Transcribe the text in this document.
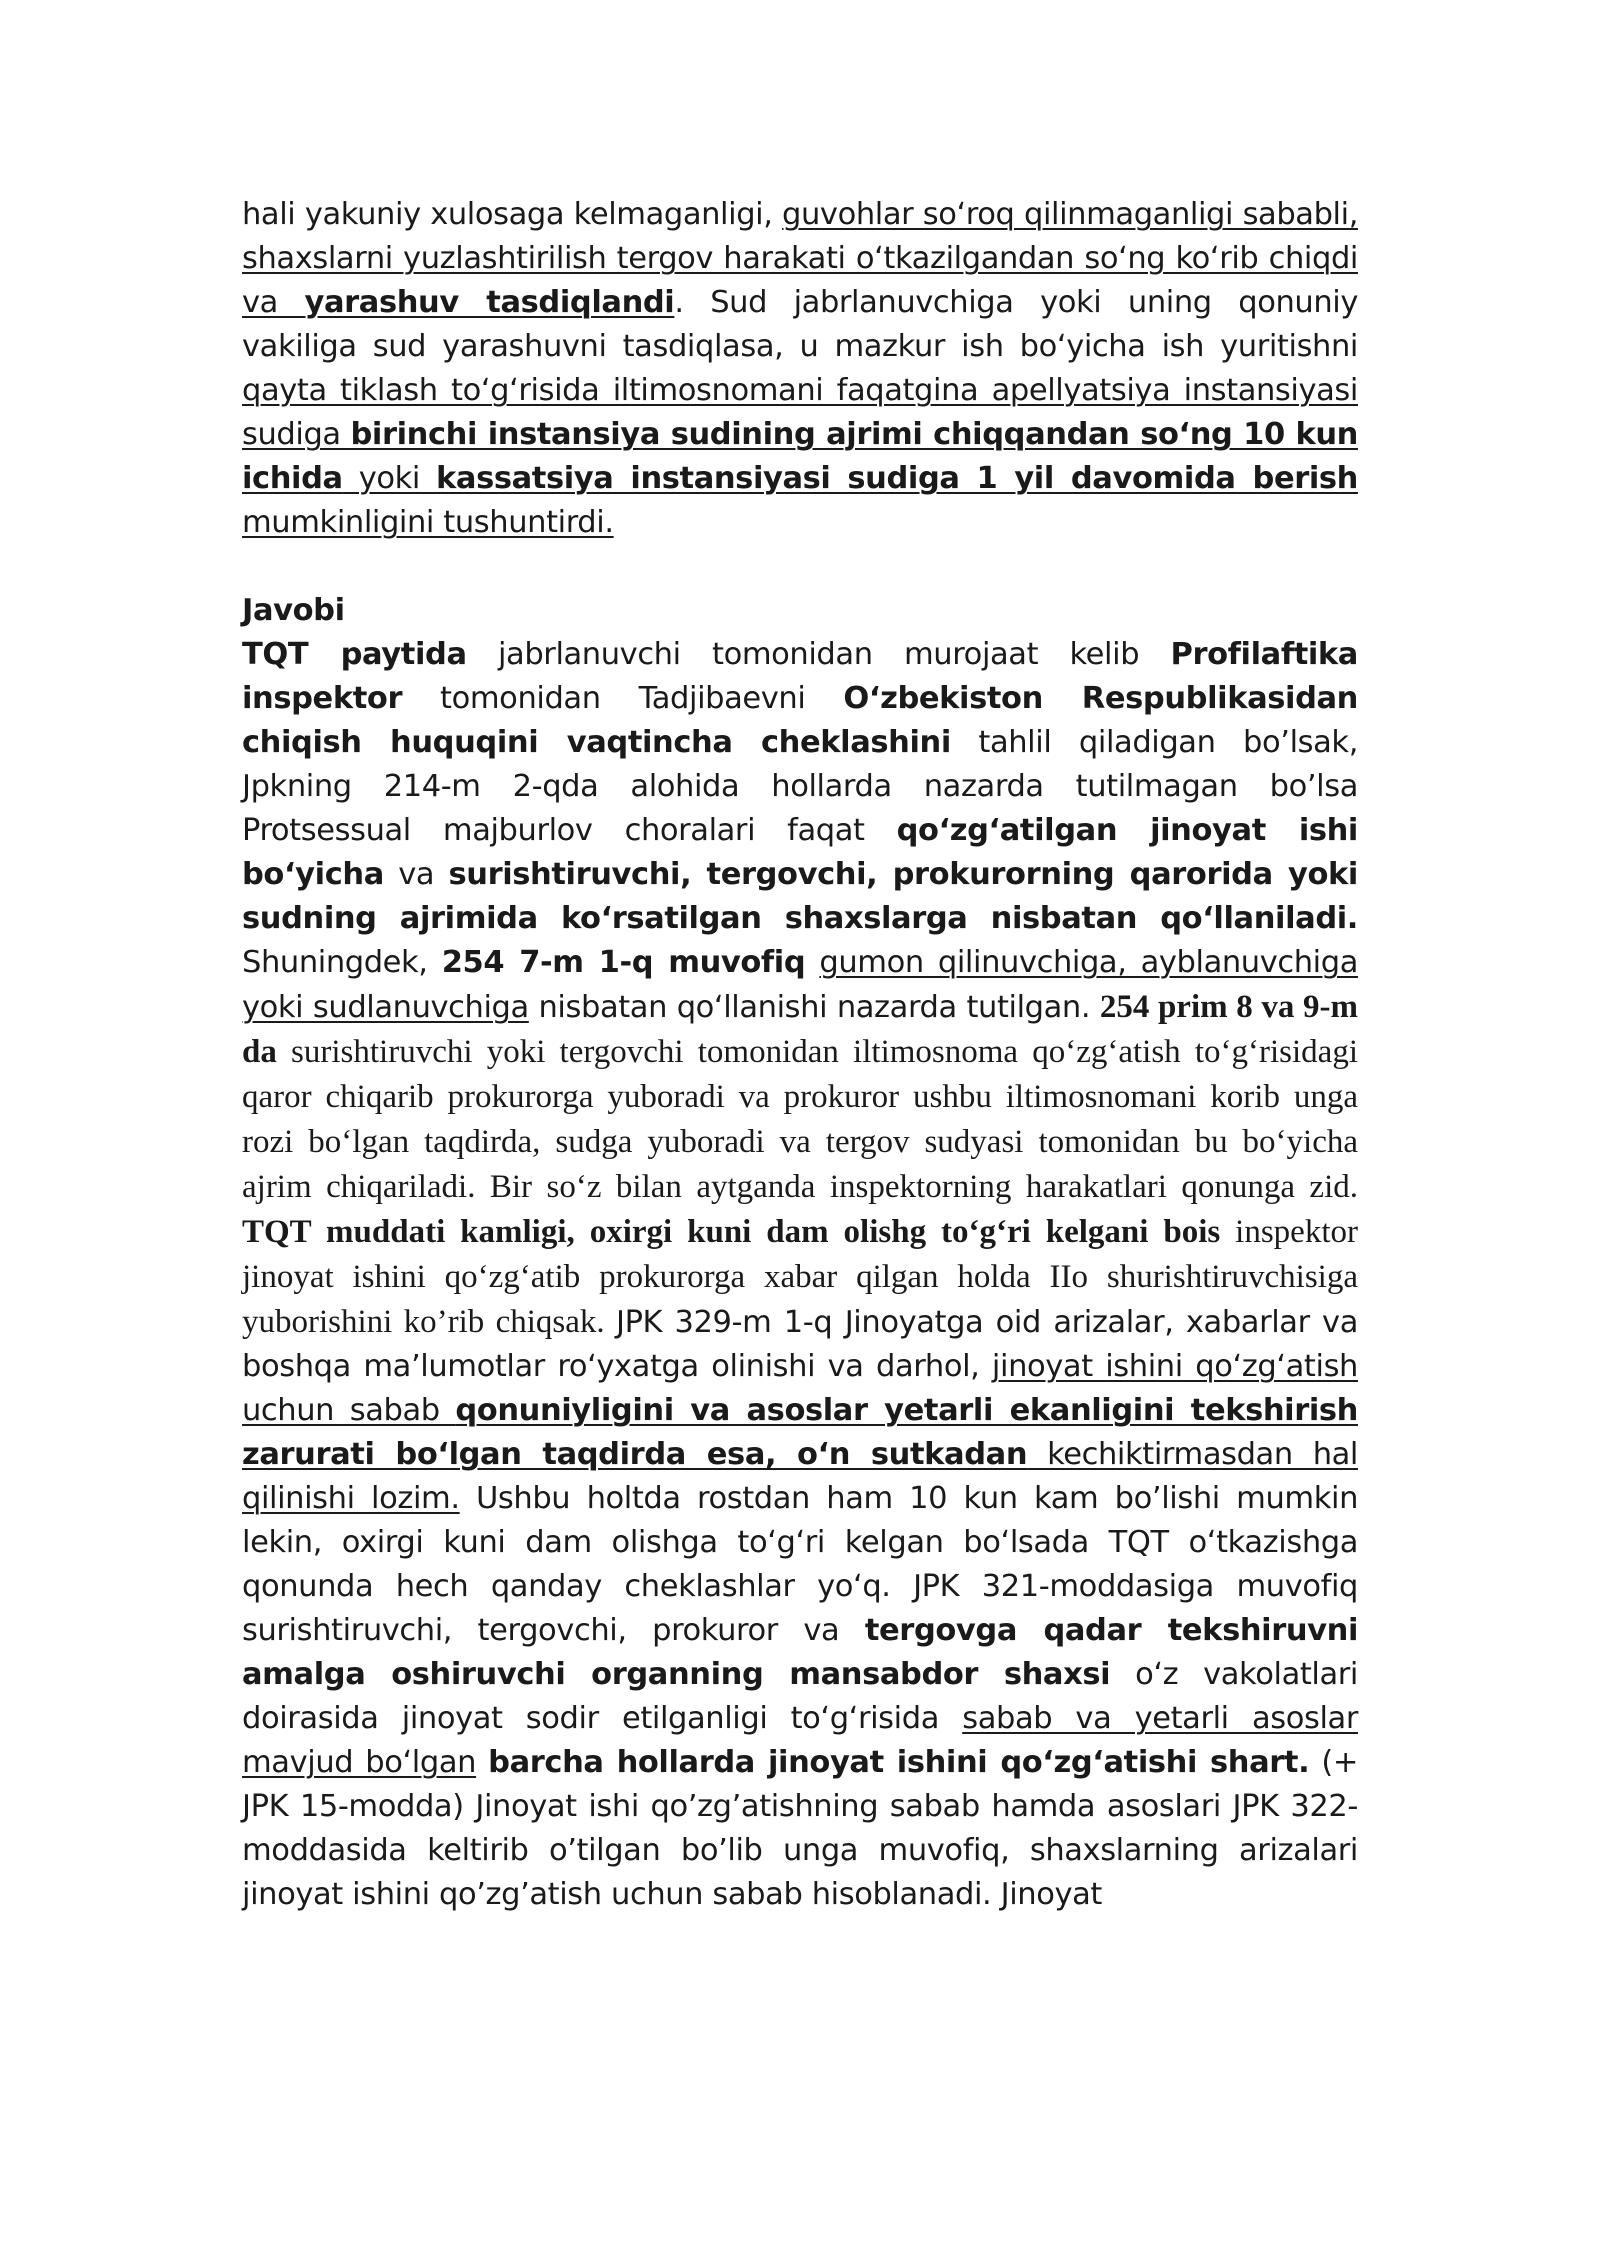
hali yakuniy xulosaga kelmaganligi, guvohlar so‘roq qilinmaganligi sababli, shaxslarni yuzlashtirilish tergov harakati o‘tkazilgandan so‘ng ko‘rib chiqdi va yarashuv tasdiqlandi. Sud jabrlanuvchiga yoki uning qonuniy vakiliga sud yarashuvni tasdiqlasa, u mazkur ish bo‘yicha ish yuritishni qayta tiklash to‘g‘risida iltimosnomani faqatgina apellyatsiya instansiyasi sudiga birinchi instansiya sudining ajrimi chiqqandan so‘ng 10 kun ichida yoki kassatsiya instansiyasi sudiga 1 yil davomida berish mumkinligini tushuntirdi.

Javobi

TQT paytida jabrlanuvchi tomonidan murojaat kelib Profilaftika inspektor tomonidan Tadjibaevni O‘zbekiston Respublikasidan chiqish huquqini vaqtincha cheklashini tahlil qiladigan bo’lsak, Jpkning 214-m 2-qda alohida hollarda nazarda tutilmagan bo’lsa Protsessual majburlov choralari faqat qo‘zg‘atilgan jinoyat ishi bo‘yicha va surishtiruvchi, tergovchi, prokurorning qarorida yoki sudning ajrimida ko‘rsatilgan shaxslarga nisbatan qo‘llaniladi. Shuningdek, 254 7-m 1-q muvofiq gumon qilinuvchiga, ayblanuvchiga yoki sudlanuvchiga nisbatan qo‘llanishi nazarda tutilgan. 254 prim 8 va 9-m da surishtiruvchi yoki tergovchi tomonidan iltimosnoma qo‘zg‘atish to‘g‘risidagi qaror chiqarib prokurorga yuboradi va prokuror ushbu iltimosnomani korib unga rozi bo‘lgan taqdirda, sudga yuboradi va tergov sudyasi tomonidan bu bo‘yicha ajrim chiqariladi. Bir so‘z bilan aytganda inspektorning harakatlari qonunga zid. TQT muddati kamligi, oxirgi kuni dam olishg to‘g‘ri kelgani bois inspektor jinoyat ishini qo‘zg‘atib prokurorga xabar qilgan holda IIo shurishtiruvchisiga yuborishini ko’rib chiqsak. JPK 329-m 1-q Jinoyatga oid arizalar, xabarlar va boshqa ma’lumotlar ro‘yxatga olinishi va darhol, jinoyat ishini qo‘zg‘atish uchun sabab qonuniyligini va asoslar yetarli ekanligini tekshirish zarurati bo‘lgan taqdirda esa, o‘n sutkadan kechiktirmasdan hal qilinishi lozim. Ushbu holtda rostdan ham 10 kun kam bo’lishi mumkin lekin, oxirgi kuni dam olishga to‘g‘ri kelgan bo‘lsada TQT o‘tkazishga qonunda hech qanday cheklashlar yo‘q. JPK 321-moddasiga muvofiq surishtiruvchi, tergovchi, prokuror va tergovga qadar tekshiruvni amalga oshiruvchi organning mansabdor shaxsi o‘z vakolatlari doirasida jinoyat sodir etilganligi to‘g‘risida sabab va yetarli asoslar mavjud bo‘lgan barcha hollarda jinoyat ishini qo‘zg‘atishi shart. (+ JPK 15-modda) Jinoyat ishi qo’zg’atishning sabab hamda asoslari JPK 322-moddasida keltirib o’tilgan bo’lib unga muvofiq, shaxslarning arizalari jinoyat ishini qo’zg’atish uchun sabab hisoblanadi. Jinoyat
